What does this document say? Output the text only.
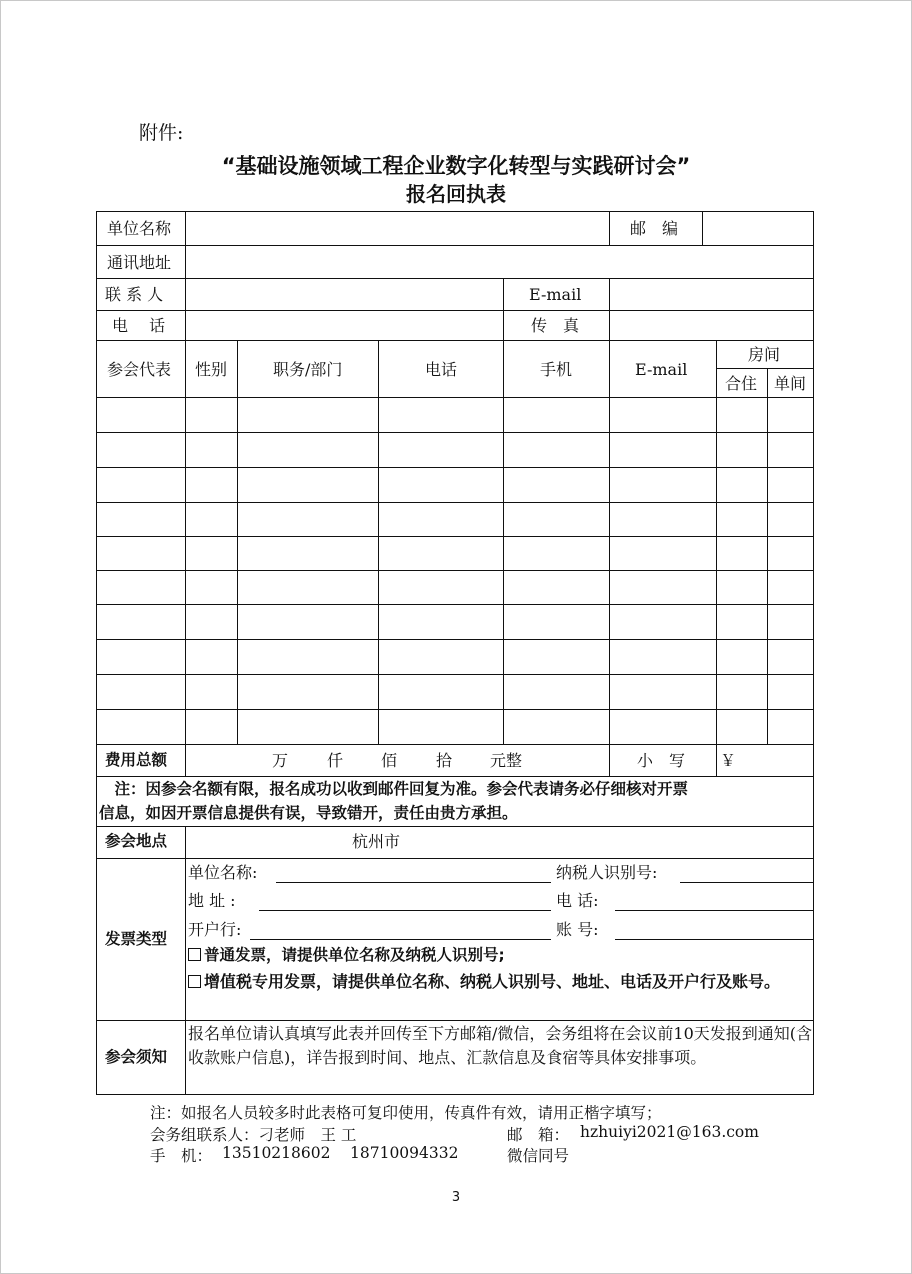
附件:
“基础设施领域工程企业数字化转型与实践研讨会”
报名回执表
单位名称	邮　编
通讯地址
联 系 人	E-mail
电　 话	传　真
参会代表 性别	职务/部门	电话	手机	E-mail
房间
合住 单间
费用总额	万 仟 佰 拾 元整	小　写 ￥
　注：因参会名额有限，报名成功以收到邮件回复为准。参会代表请务必仔细核对开票
信息，如因开票信息提供有误，导致错开，责任由贵方承担。
参会地点	杭州市
发票类型
单位名称:	纳税人识别号:
地 址 :	电 话:
开户行:	账 号:
普通发票，请提供单位名称及纳税人识别号;
增值税专用发票，请提供单位名称、纳税人识别号、地址、电话及开户行及账号。
参会须知
报名单位请认真填写此表并回传至下方邮箱/微信，会务组将在会议前10天发报到通知(含收款账户信息)，详告报到时间、地点、汇款信息及食宿等具体安排事项。
注：如报名人员较多时此表格可复印使用，传真件有效，请用正楷字填写；
会务组联系人：刁老师　王 工	邮　箱： hzhuiyi2021@163.com
手　机： 13510218602 18710094332	微信同号
3
